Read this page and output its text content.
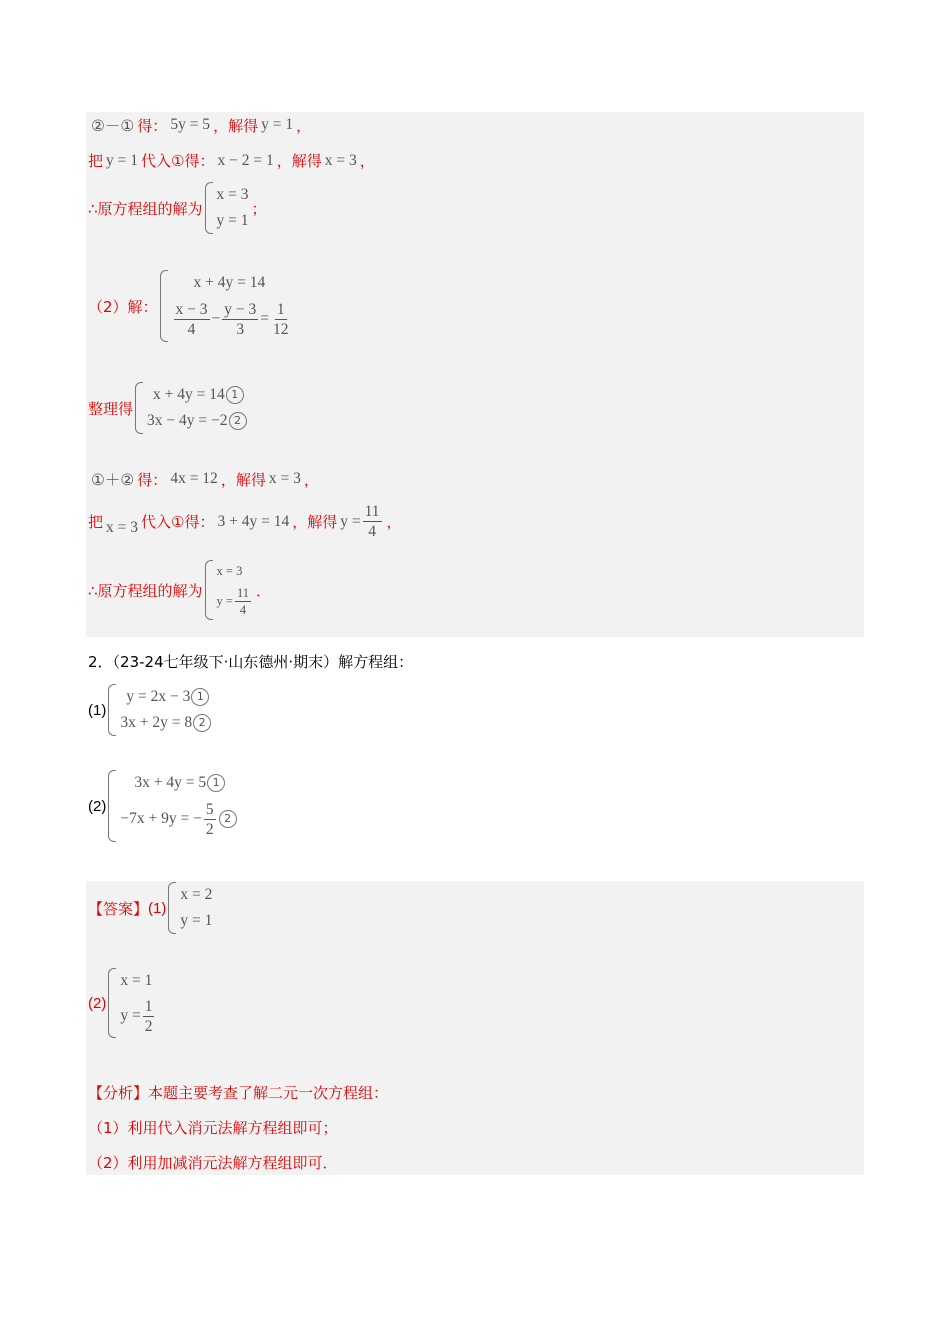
②－① 得： 5y = 5 ，解得 y = 1 ，
把 y = 1 代入①得： x − 2 = 1 ，解得 x = 3 ，
∴原方程组的解为
x = 3
y = 1
；
（2）解：
x + 4y = 14
$\frac{x - 3}{4} - \frac{y - 3}{3} = \frac{1}{12}$
整理得
x + 4y = 14 1
3x − 4y = −2 2
①＋② 得： 4x = 12 ，解得 x = 3 ，
把 x = 3 代入①得： 3 + 4y = 14 ，解得 $y = \frac{11}{4}$ ，
∴原方程组的解为
x = 3
$y = \frac{11}{4}$ ．
2．（23-24七年级下·山东德州·期末）解方程组：
(1)
y = 2x − 3 1
3x + 2y = 8 2
(2)
3x + 4y = 5 1
−7x + 9y = − $\frac{5}{2} 2$
【答案】 (1)
x = 2
y = 1
(2)
x = 1
$y = \frac{1}{2}$
【分析】本题主要考查了解二元一次方程组：
（1）利用代入消元法解方程组即可；
（2）利用加减消元法解方程组即可．
